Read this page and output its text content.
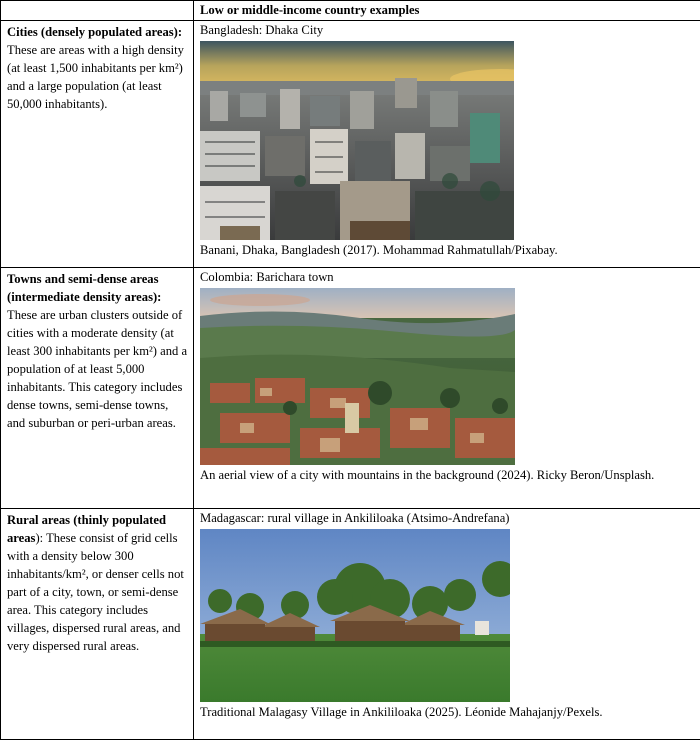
	Low or middle-income country examples
Cities (densely populated areas): These are areas with a high density (at least 1,500 inhabitants per km²) and a large population (at least 50,000 inhabitants).	Bangladesh: Dhaka City
Banani, Dhaka, Bangladesh (2017). Mohammad Rahmatullah/Pixabay.

Towns and semi-dense areas (intermediate density areas): These are urban clusters outside of cities with a moderate density (at least 300 inhabitants per km²) and a population of at least 5,000 inhabitants. This category includes dense towns, semi-dense towns, and suburban or peri-urban areas.	Colombia: Barichara town
An aerial view of a city with mountains in the background (2024). Ricky Beron/Unsplash.

Rural areas (thinly populated areas): These consist of grid cells with a density below 300 inhabitants/km², or denser cells not part of a city, town, or semi-dense area. This category includes villages, dispersed rural areas, and very dispersed rural areas.	Madagascar: rural village in Ankililoaka (Atsimo-Andrefana)
Traditional Malagasy Village in Ankililoaka (2025). Léonide Mahajanjy/Pexels.
